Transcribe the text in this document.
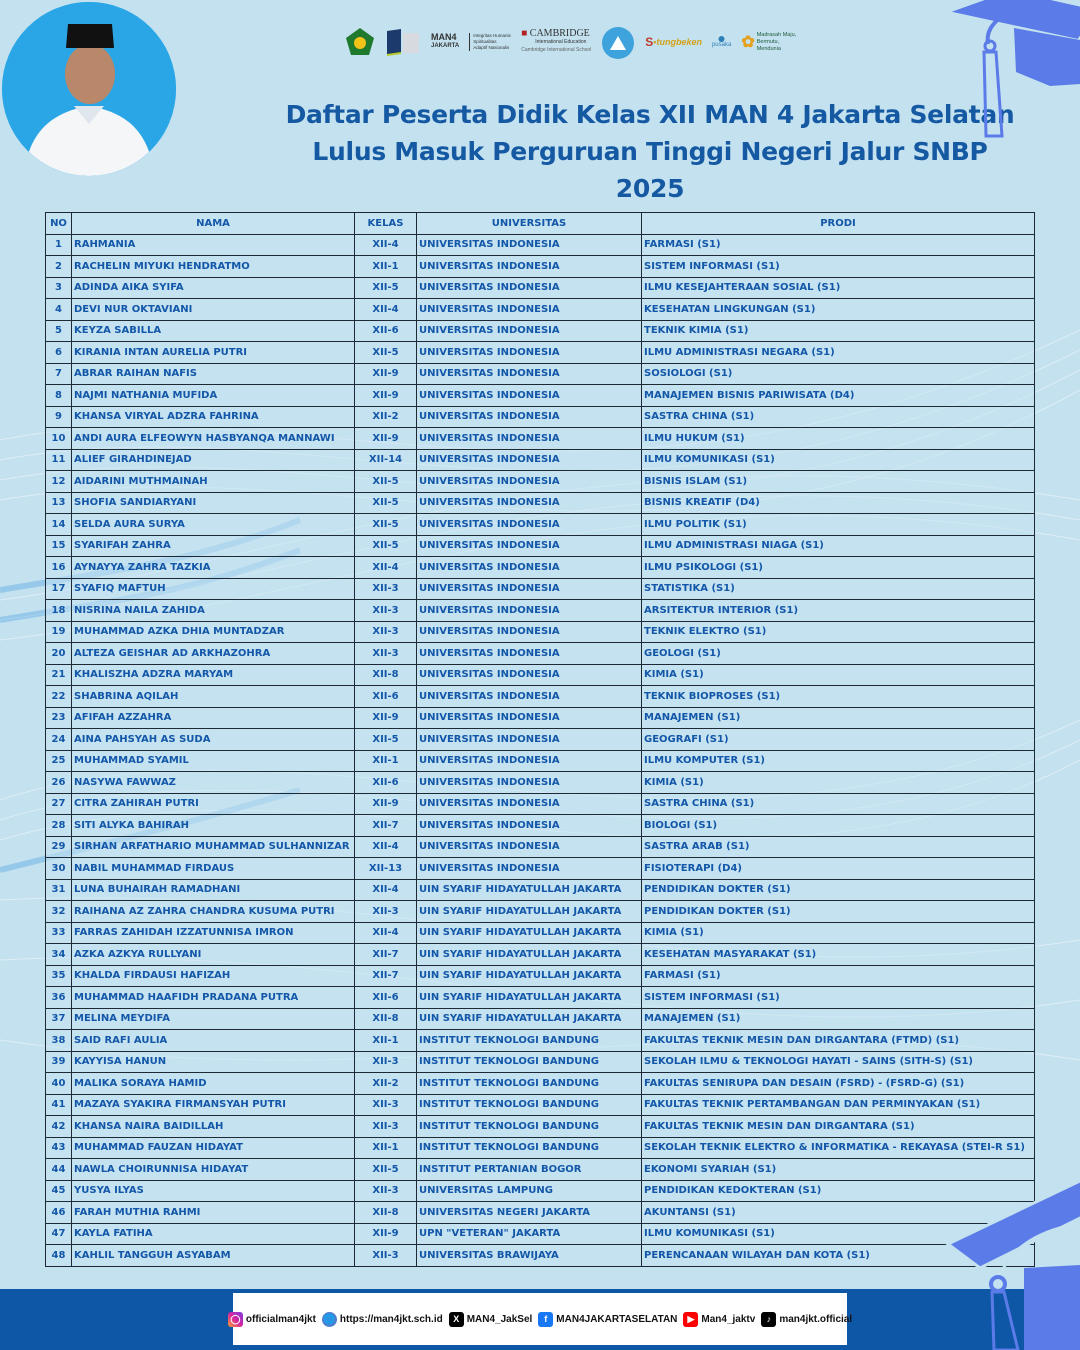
MAN4
JAKARTA
Integritas Humanis Spiritualitas Adaptif Nasionalis
■ CAMBRIDGE
International Education
Cambridge International School
S •tungbeken ●
pusaka ✿ Madrasah Maju, Bermutu, Mendunia
Daftar Peserta Didik Kelas XII MAN 4 Jakarta Selatan
Lulus Masuk Perguruan Tinggi Negeri Jalur SNBP 2025
NO	NAMA	KELAS	UNIVERSITAS	PRODI
1	RAHMANIA	XII-4	UNIVERSITAS INDONESIA	FARMASI (S1)
2	RACHELIN MIYUKI HENDRATMO	XII-1	UNIVERSITAS INDONESIA	SISTEM INFORMASI (S1)
3	ADINDA AIKA SYIFA	XII-5	UNIVERSITAS INDONESIA	ILMU KESEJAHTERAAN SOSIAL (S1)
4	DEVI NUR OKTAVIANI	XII-4	UNIVERSITAS INDONESIA	KESEHATAN LINGKUNGAN (S1)
5	KEYZA SABILLA	XII-6	UNIVERSITAS INDONESIA	TEKNIK KIMIA (S1)
6	KIRANIA INTAN AURELIA PUTRI	XII-5	UNIVERSITAS INDONESIA	ILMU ADMINISTRASI NEGARA (S1)
7	ABRAR RAIHAN NAFIS	XII-9	UNIVERSITAS INDONESIA	SOSIOLOGI (S1)
8	NAJMI NATHANIA MUFIDA	XII-9	UNIVERSITAS INDONESIA	MANAJEMEN BISNIS PARIWISATA (D4)
9	KHANSA VIRYAL ADZRA FAHRINA	XII-2	UNIVERSITAS INDONESIA	SASTRA CHINA (S1)
10	ANDI AURA ELFEOWYN HASBYANQA MANNAWI	XII-9	UNIVERSITAS INDONESIA	ILMU HUKUM (S1)
11	ALIEF GIRAHDINEJAD	XII-14	UNIVERSITAS INDONESIA	ILMU KOMUNIKASI (S1)
12	AIDARINI MUTHMAINAH	XII-5	UNIVERSITAS INDONESIA	BISNIS ISLAM (S1)
13	SHOFIA SANDIARYANI	XII-5	UNIVERSITAS INDONESIA	BISNIS KREATIF (D4)
14	SELDA AURA SURYA	XII-5	UNIVERSITAS INDONESIA	ILMU POLITIK (S1)
15	SYARIFAH ZAHRA	XII-5	UNIVERSITAS INDONESIA	ILMU ADMINISTRASI NIAGA (S1)
16	AYNAYYA ZAHRA TAZKIA	XII-4	UNIVERSITAS INDONESIA	ILMU PSIKOLOGI (S1)
17	SYAFIQ MAFTUH	XII-3	UNIVERSITAS INDONESIA	STATISTIKA (S1)
18	NISRINA NAILA ZAHIDA	XII-3	UNIVERSITAS INDONESIA	ARSITEKTUR INTERIOR (S1)
19	MUHAMMAD AZKA DHIA MUNTADZAR	XII-3	UNIVERSITAS INDONESIA	TEKNIK ELEKTRO (S1)
20	ALTEZA GEISHAR AD ARKHAZOHRA	XII-3	UNIVERSITAS INDONESIA	GEOLOGI (S1)
21	KHALISZHA ADZRA MARYAM	XII-8	UNIVERSITAS INDONESIA	KIMIA (S1)
22	SHABRINA AQILAH	XII-6	UNIVERSITAS INDONESIA	TEKNIK BIOPROSES (S1)
23	AFIFAH AZZAHRA	XII-9	UNIVERSITAS INDONESIA	MANAJEMEN (S1)
24	AINA PAHSYAH AS SUDA	XII-5	UNIVERSITAS INDONESIA	GEOGRAFI (S1)
25	MUHAMMAD SYAMIL	XII-1	UNIVERSITAS INDONESIA	ILMU KOMPUTER (S1)
26	NASYWA FAWWAZ	XII-6	UNIVERSITAS INDONESIA	KIMIA (S1)
27	CITRA ZAHIRAH PUTRI	XII-9	UNIVERSITAS INDONESIA	SASTRA CHINA (S1)
28	SITI ALYKA BAHIRAH	XII-7	UNIVERSITAS INDONESIA	BIOLOGI (S1)
29	SIRHAN ARFATHARIO MUHAMMAD SULHANNIZAR	XII-4	UNIVERSITAS INDONESIA	SASTRA ARAB (S1)
30	NABIL MUHAMMAD FIRDAUS	XII-13	UNIVERSITAS INDONESIA	FISIOTERAPI (D4)
31	LUNA BUHAIRAH RAMADHANI	XII-4	UIN SYARIF HIDAYATULLAH JAKARTA	PENDIDIKAN DOKTER (S1)
32	RAIHANA AZ ZAHRA CHANDRA KUSUMA PUTRI	XII-3	UIN SYARIF HIDAYATULLAH JAKARTA	PENDIDIKAN DOKTER (S1)
33	FARRAS ZAHIDAH IZZATUNNISA IMRON	XII-4	UIN SYARIF HIDAYATULLAH JAKARTA	KIMIA (S1)
34	AZKA AZKYA RULLYANI	XII-7	UIN SYARIF HIDAYATULLAH JAKARTA	KESEHATAN MASYARAKAT (S1)
35	KHALDA FIRDAUSI HAFIZAH	XII-7	UIN SYARIF HIDAYATULLAH JAKARTA	FARMASI (S1)
36	MUHAMMAD HAAFIDH PRADANA PUTRA	XII-6	UIN SYARIF HIDAYATULLAH JAKARTA	SISTEM INFORMASI (S1)
37	MELINA MEYDIFA	XII-8	UIN SYARIF HIDAYATULLAH JAKARTA	MANAJEMEN (S1)
38	SAID RAFI AULIA	XII-1	INSTITUT TEKNOLOGI BANDUNG	FAKULTAS TEKNIK MESIN DAN DIRGANTARA (FTMD) (S1)
39	KAYYISA HANUN	XII-3	INSTITUT TEKNOLOGI BANDUNG	SEKOLAH ILMU & TEKNOLOGI HAYATI - SAINS (SITH-S) (S1)
40	MALIKA SORAYA HAMID	XII-2	INSTITUT TEKNOLOGI BANDUNG	FAKULTAS SENIRUPA DAN DESAIN (FSRD) - (FSRD-G) (S1)
41	MAZAYA SYAKIRA FIRMANSYAH PUTRI	XII-3	INSTITUT TEKNOLOGI BANDUNG	FAKULTAS TEKNIK PERTAMBANGAN DAN PERMINYAKAN (S1)
42	KHANSA NAIRA BAIDILLAH	XII-3	INSTITUT TEKNOLOGI BANDUNG	FAKULTAS TEKNIK MESIN DAN DIRGANTARA (S1)
43	MUHAMMAD FAUZAN HIDAYAT	XII-1	INSTITUT TEKNOLOGI BANDUNG	SEKOLAH TEKNIK ELEKTRO & INFORMATIKA - REKAYASA (STEI-R S1)
44	NAWLA CHOIRUNNISA HIDAYAT	XII-5	INSTITUT PERTANIAN BOGOR	EKONOMI SYARIAH (S1)
45	YUSYA ILYAS	XII-3	UNIVERSITAS LAMPUNG	PENDIDIKAN KEDOKTERAN (S1)
46	FARAH MUTHIA RAHMI	XII-8	UNIVERSITAS NEGERI JAKARTA	AKUNTANSI (S1)
47	KAYLA FATIHA	XII-9	UPN "VETERAN" JAKARTA	ILMU KOMUNIKASI (S1)
48	KAHLIL TANGGUH ASYABAM	XII-3	UNIVERSITAS BRAWIJAYA	PERENCANAAN WILAYAH DAN KOTA (S1)
◯ officialman4jkt 🌐 https://man4jkt.sch.id	X MAN4_JakSel	f MAN4JAKARTASELATAN	▶ Man4_jaktv	♪ man4jkt.official
